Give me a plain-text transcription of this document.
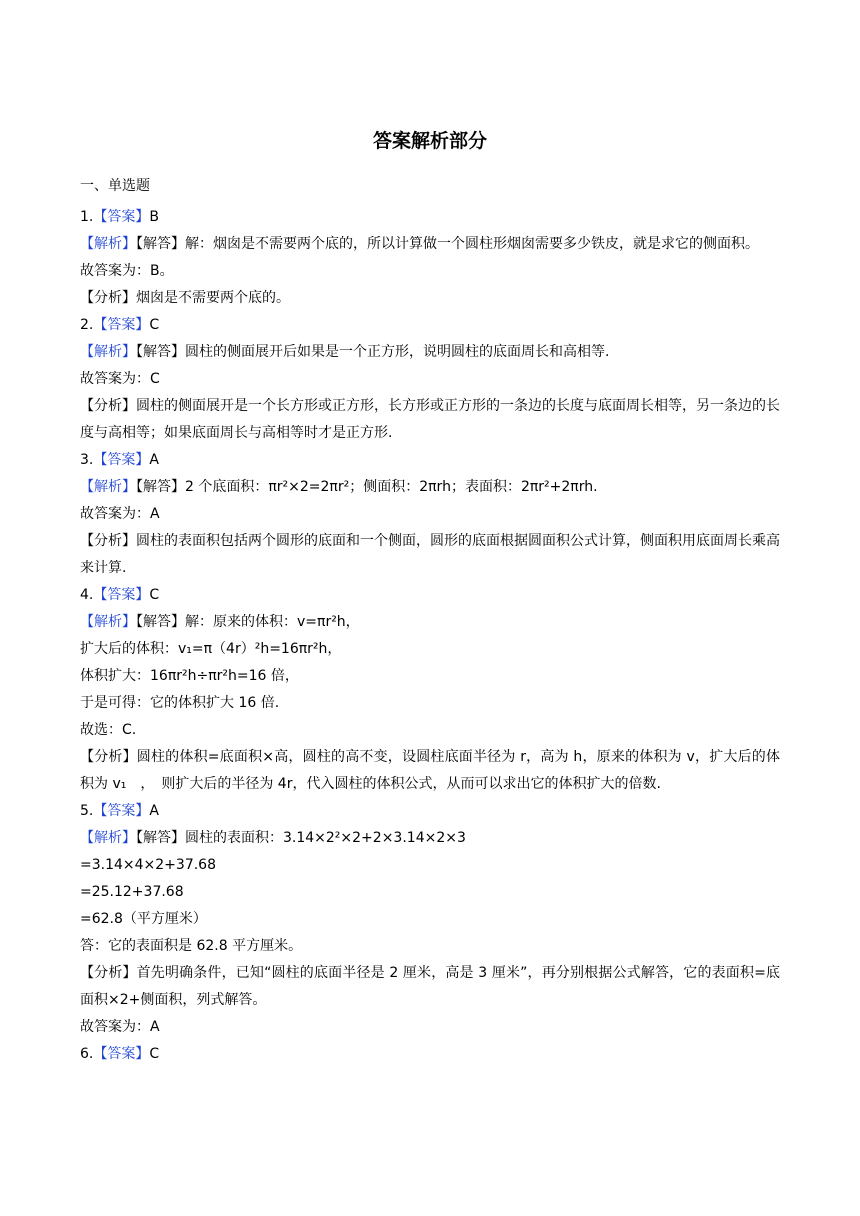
答案解析部分
一、单选题
1.【答案】B
【解析】【解答】解：烟囱是不需要两个底的，所以计算做一个圆柱形烟囱需要多少铁皮，就是求它的侧面积。
故答案为：B。
【分析】烟囱是不需要两个底的。
2.【答案】C
【解析】【解答】圆柱的侧面展开后如果是一个正方形，说明圆柱的底面周长和高相等.
故答案为：C
【分析】圆柱的侧面展开是一个长方形或正方形，长方形或正方形的一条边的长度与底面周长相等，另一条边的长度与高相等；如果底面周长与高相等时才是正方形.
3.【答案】A
【解析】【解答】2 个底面积：πr²×2=2πr²；侧面积：2πrh；表面积：2πr²+2πrh.
故答案为：A
【分析】圆柱的表面积包括两个圆形的底面和一个侧面，圆形的底面根据圆面积公式计算，侧面积用底面周长乘高来计算.
4.【答案】C
【解析】【解答】解：原来的体积：v=πr²h，
扩大后的体积：v₁=π（4r）²h=16πr²h，
体积扩大：16πr²h÷πr²h=16 倍，
于是可得：它的体积扩大 16 倍.
故选：C.
【分析】圆柱的体积=底面积×高，圆柱的高不变，设圆柱底面半径为 r，高为 h，原来的体积为 v，扩大后的体积为 v₁　，　则扩大后的半径为 4r，代入圆柱的体积公式，从而可以求出它的体积扩大的倍数.
5.【答案】A
【解析】【解答】圆柱的表面积：3.14×2²×2+2×3.14×2×3
=3.14×4×2+37.68
=25.12+37.68
=62.8（平方厘米）
答：它的表面积是 62.8 平方厘米。
【分析】首先明确条件，已知“圆柱的底面半径是 2 厘米，高是 3 厘米”，再分别根据公式解答，它的表面积=底面积×2+侧面积，列式解答。
故答案为：A
6.【答案】C
